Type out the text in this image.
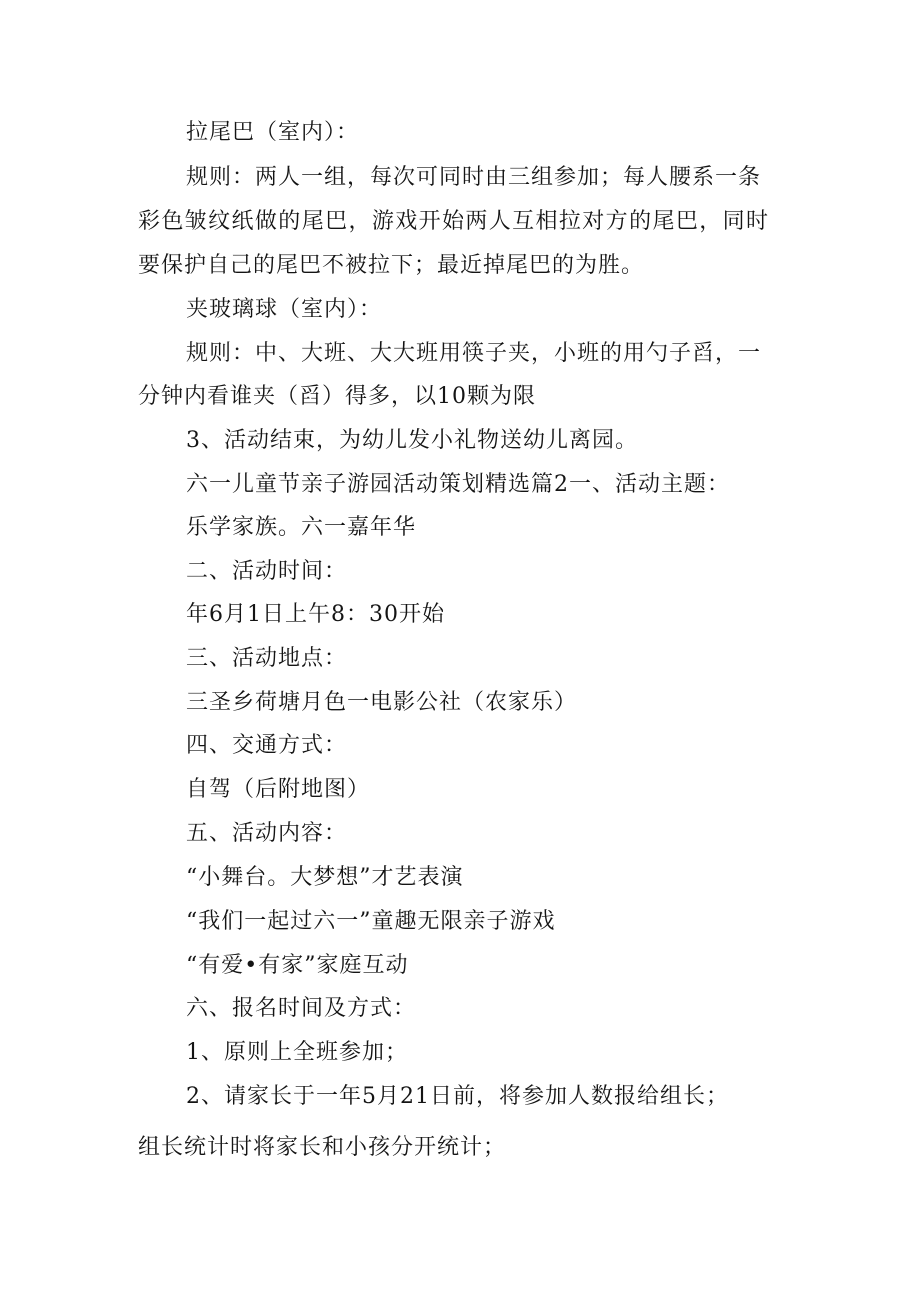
拉尾巴（室内）：
规则：两人一组，每次可同时由三组参加；每人腰系一条
彩色皱纹纸做的尾巴，游戏开始两人互相拉对方的尾巴，同时
要保护自己的尾巴不被拉下；最近掉尾巴的为胜。
夹玻璃球（室内）：
规则：中、大班、大大班用筷子夹，小班的用勺子舀，一
分钟内看谁夹（舀）得多，以10颗为限
3、活动结束，为幼儿发小礼物送幼儿离园。
六一儿童节亲子游园活动策划精选篇2一、活动主题：
乐学家族。六一嘉年华
二、活动时间：
年6月1日上午8：30开始
三、活动地点：
三圣乡荷塘月色一电影公社（农家乐）
四、交通方式：
自驾（后附地图）
五、活动内容：
“小舞台。大梦想”才艺表演
“我们一起过六一”童趣无限亲子游戏
“有爱•有家”家庭互动
六、报名时间及方式：
1、原则上全班参加；
2、请家长于一年5月21日前，将参加人数报给组长；
组长统计时将家长和小孩分开统计；
